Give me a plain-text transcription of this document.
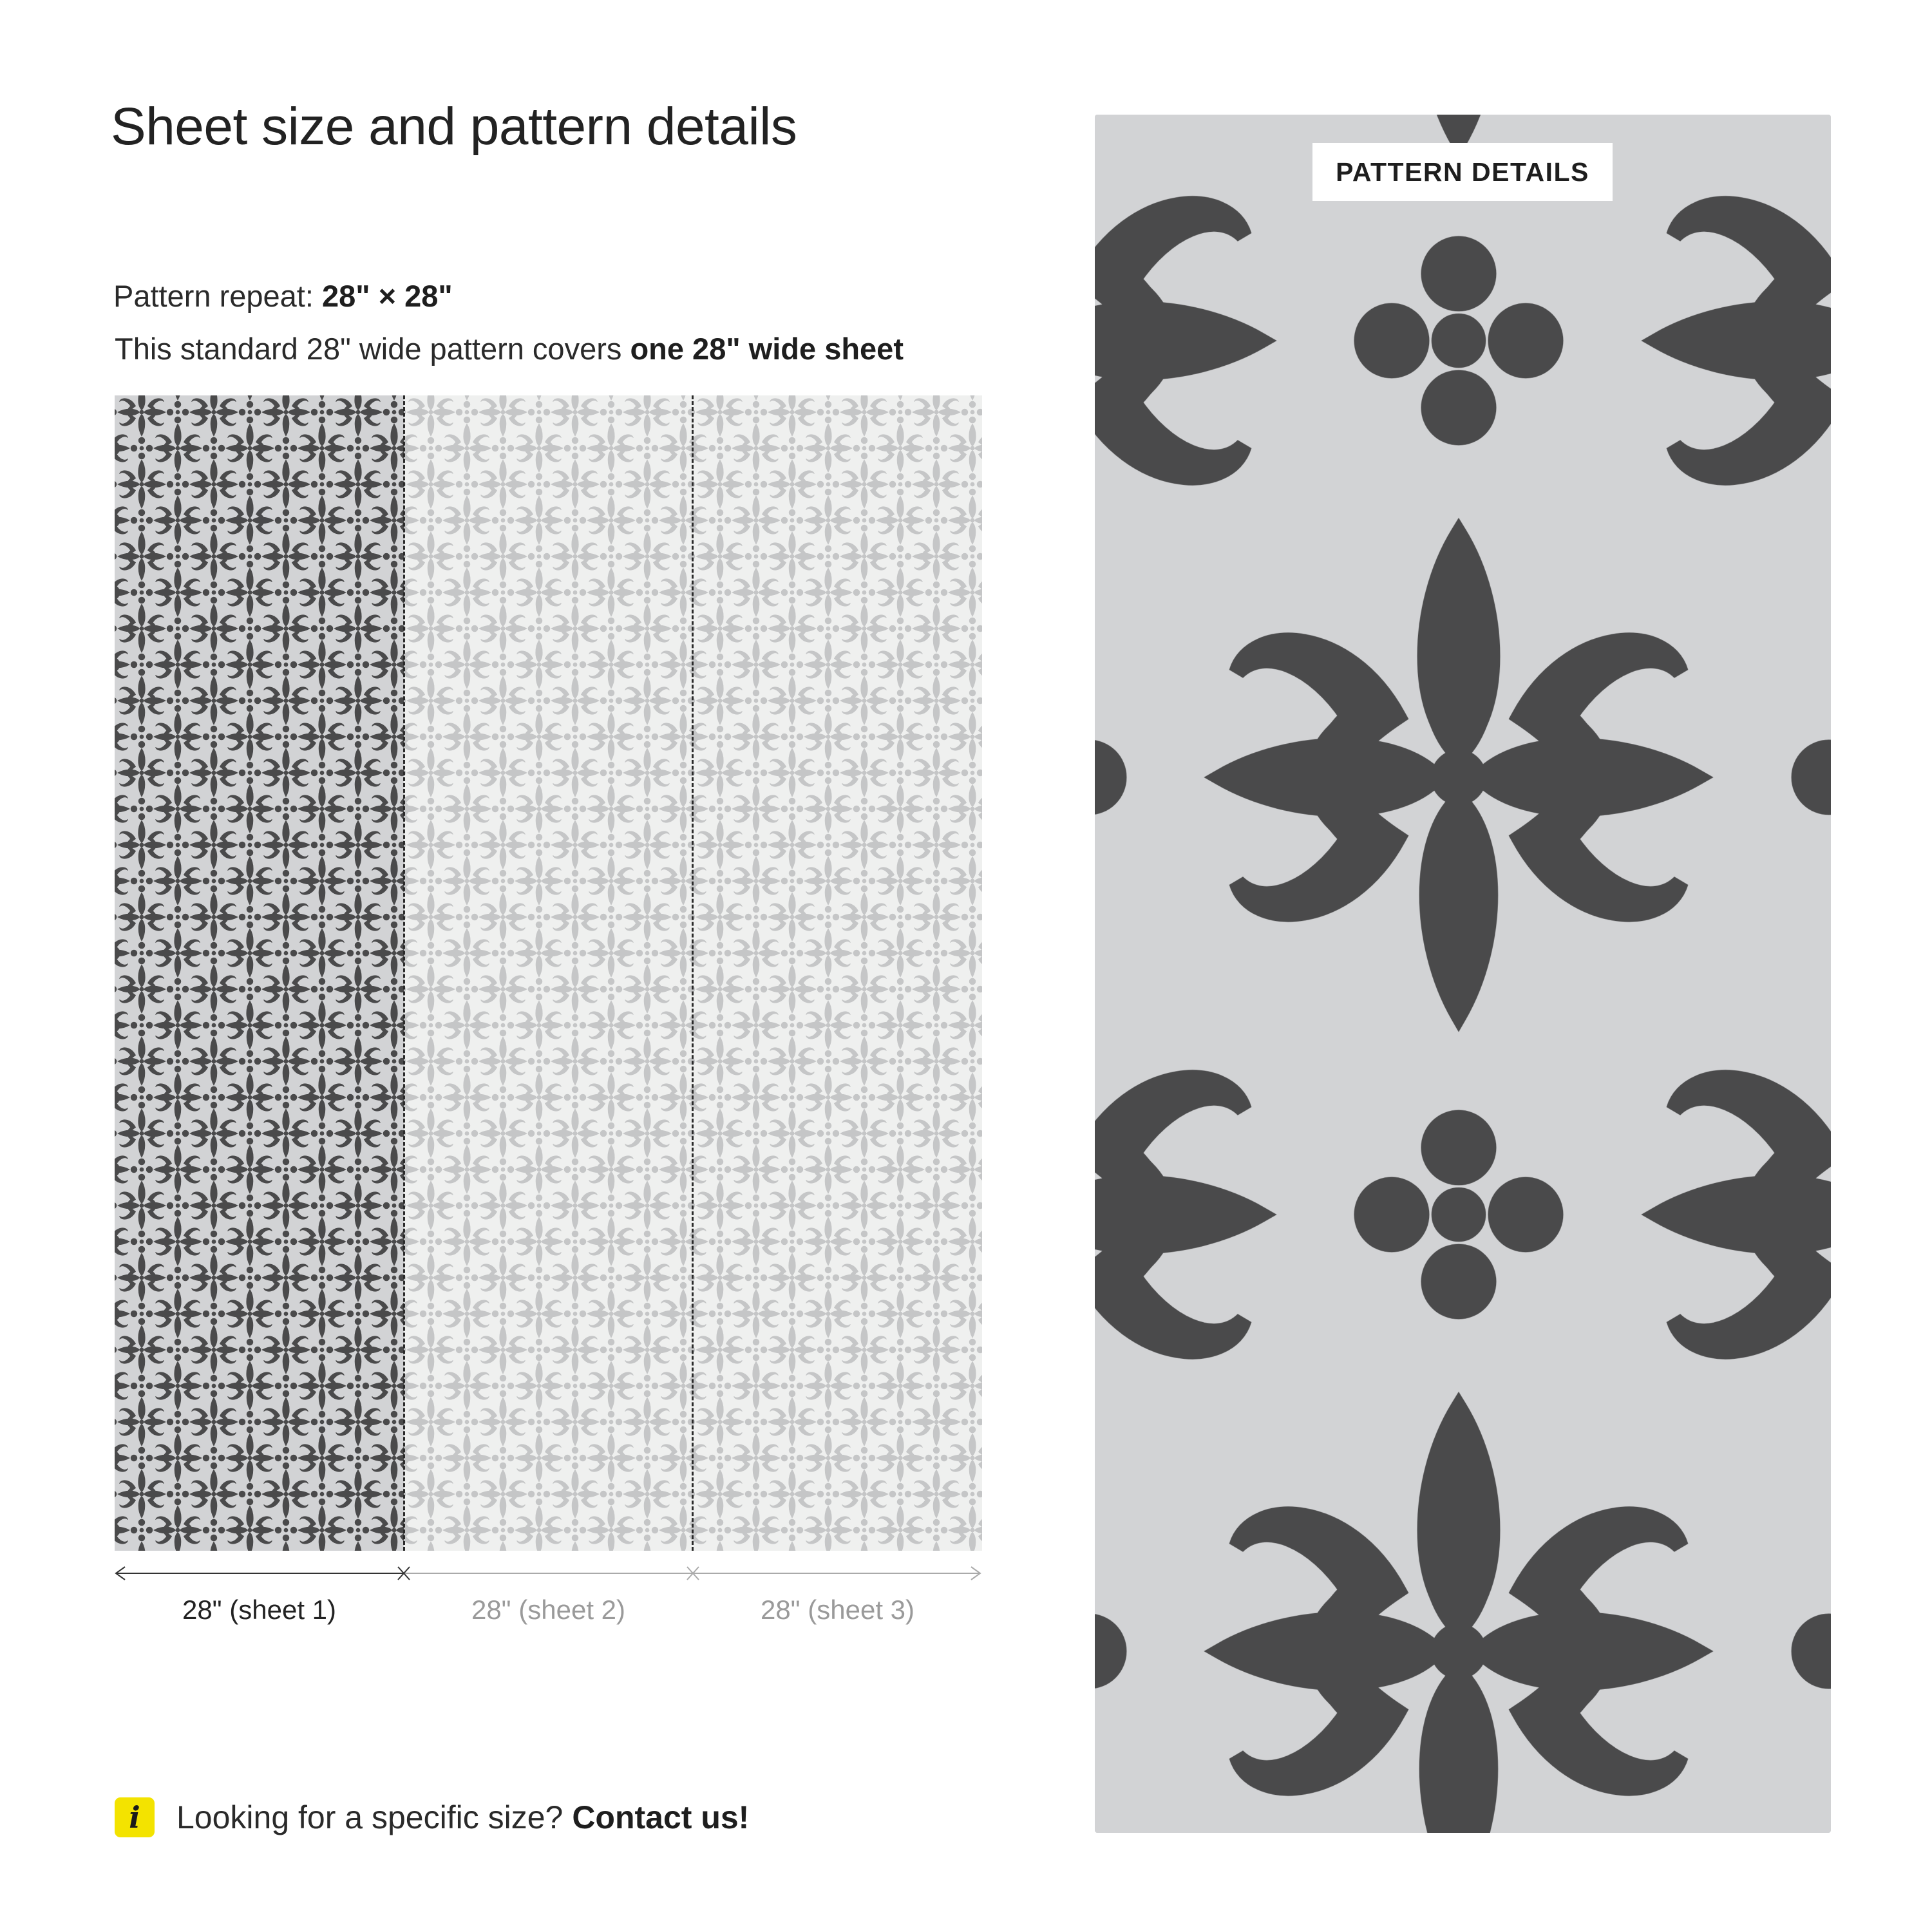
Sheet size and pattern details
Pattern repeat: 28" × 28"
This standard 28" wide pattern covers one 28" wide sheet
28" (sheet 1)	28" (sheet 2)	28" (sheet 3)
PATTERN DETAILS
i	Looking for a specific size? Contact us!
